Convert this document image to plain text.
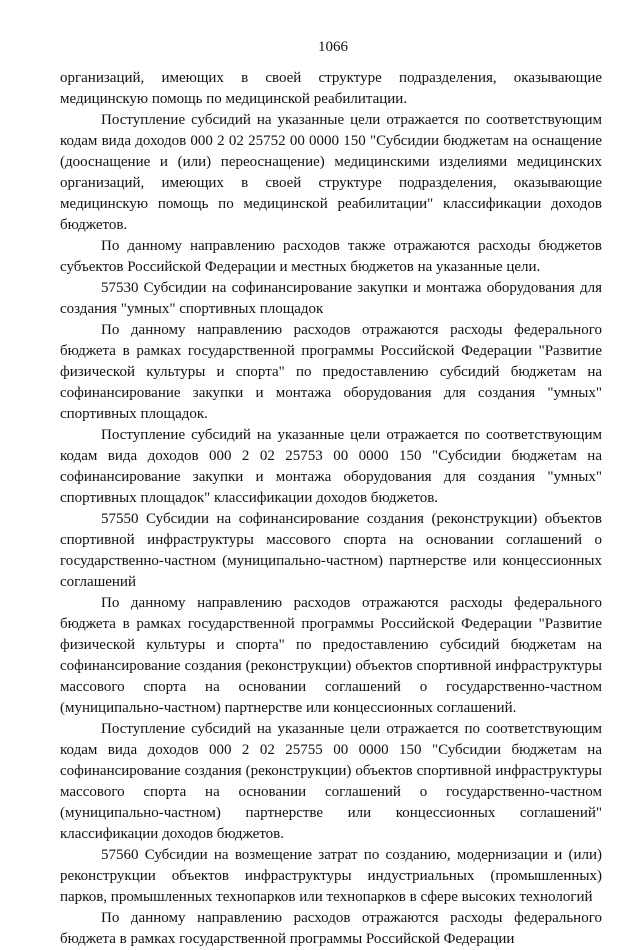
1066

организаций, имеющих в своей структуре подразделения, оказывающие медицинскую помощь по медицинской реабилитации.

Поступление субсидий на указанные цели отражается по соответствующим кодам вида доходов 000 2 02 25752 00 0000 150 "Субсидии бюджетам на оснащение (дооснащение и (или) переоснащение) медицинскими изделиями медицинских организаций, имеющих в своей структуре подразделения, оказывающие медицинскую помощь по медицинской реабилитации" классификации доходов бюджетов.

По данному направлению расходов также отражаются расходы бюджетов субъектов Российской Федерации и местных бюджетов на указанные цели.

57530 Субсидии на софинансирование закупки и монтажа оборудования для создания "умных" спортивных площадок

По данному направлению расходов отражаются расходы федерального бюджета в рамках государственной программы Российской Федерации "Развитие физической культуры и спорта" по предоставлению субсидий бюджетам на софинансирование закупки и монтажа оборудования для создания "умных" спортивных площадок.

Поступление субсидий на указанные цели отражается по соответствующим кодам вида доходов 000 2 02 25753 00 0000 150 "Субсидии бюджетам на софинансирование закупки и монтажа оборудования для создания "умных" спортивных площадок" классификации доходов бюджетов.

57550 Субсидии на софинансирование создания (реконструкции) объектов спортивной инфраструктуры массового спорта на основании соглашений о государственно-частном (муниципально-частном) партнерстве или концессионных соглашений

По данному направлению расходов отражаются расходы федерального бюджета в рамках государственной программы Российской Федерации "Развитие физической культуры и спорта" по предоставлению субсидий бюджетам на софинансирование создания (реконструкции) объектов спортивной инфраструктуры массового спорта на основании соглашений о государственно-частном (муниципально-частном) партнерстве или концессионных соглашений.

Поступление субсидий на указанные цели отражается по соответствующим кодам вида доходов 000 2 02 25755 00 0000 150 "Субсидии бюджетам на софинансирование создания (реконструкции) объектов спортивной инфраструктуры массового спорта на основании соглашений о государственно-частном (муниципально-частном) партнерстве или концессионных соглашений" классификации доходов бюджетов.

57560 Субсидии на возмещение затрат по созданию, модернизации и (или) реконструкции объектов инфраструктуры индустриальных (промышленных) парков, промышленных технопарков или технопарков в сфере высоких технологий

По данному направлению расходов отражаются расходы федерального бюджета в рамках государственной программы Российской Федерации
